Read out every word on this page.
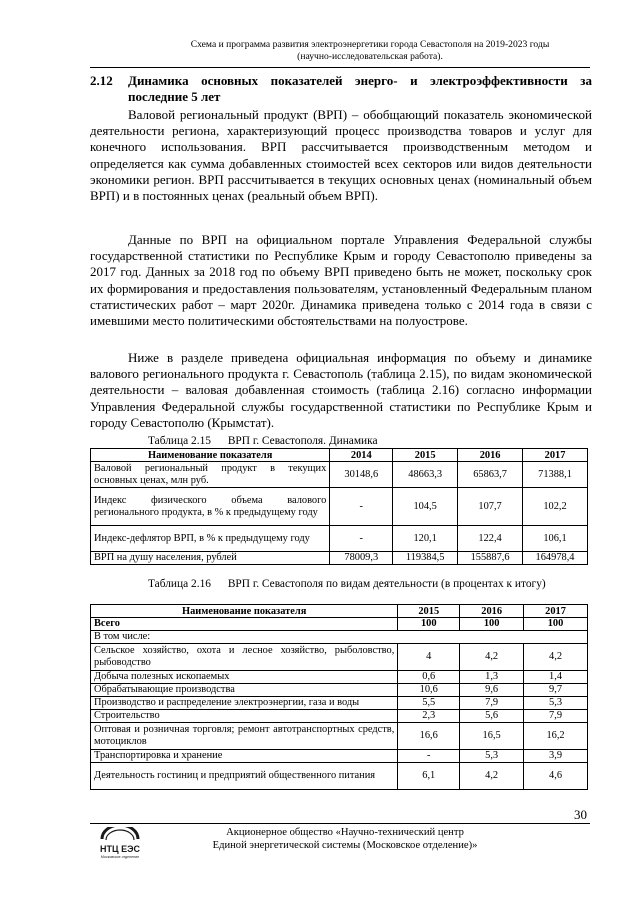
Схема и программа развития электроэнергетики города Севастополя на 2019-2023 годы
(научно-исследовательская работа).
2.12 Динамика основных показателей энерго- и электроэффективности за последние 5 лет

Валовой региональный продукт (ВРП) – обобщающий показатель экономической деятельности региона, характеризующий процесс производства товаров и услуг для конечного использования. ВРП рассчитывается производственным методом и определяется как сумма добавленных стоимостей всех секторов или видов деятельности экономики регион. ВРП рассчитывается в текущих основных ценах (номинальный объем ВРП) и в постоянных ценах (реальный объем ВРП).

Данные по ВРП на официальном портале Управления Федеральной службы государственной статистики по Республике Крым и городу Севастополю приведены за 2017 год. Данных за 2018 год по объему ВРП приведено быть не может, поскольку срок их формирования и предоставления пользователям, установленный Федеральным планом статистических работ – март 2020г. Динамика приведена только с 2014 года в связи с имевшими место политическими обстоятельствами на полуострове.

Ниже в разделе приведена официальная информация по объему и динамике валового регионального продукта г. Севастополь (таблица 2.15), по видам экономической деятельности – валовая добавленная стоимость (таблица 2.16) согласно информации Управления Федеральной службы государственной статистики по Республике Крым и городу Севастополю (Крымстат).

Таблица 2.15 ВРП г. Севастополя. Динамика
Наименование показателя	2014	2015	2016	2017
Валовой региональный продукт в текущих основных ценах, млн руб.	30148,6	48663,3	65863,7	71388,1
Индекс физического объема валового регионального продукта, в % к предыдущему году	-	104,5	107,7	102,2
Индекс-дефлятор ВРП, в % к предыдущему году	-	120,1	122,4	106,1
ВРП на душу населения, рублей	78009,3	119384,5	155887,6	164978,4
Таблица 2.16 ВРП г. Севастополя по видам деятельности (в процентах к итогу)
Наименование показателя	2015	2016	2017
Всего	100	100	100
В том числе:			
Сельское хозяйство, охота и лесное хозяйство, рыболовство, рыбоводство	4	4,2	4,2
Добыча полезных ископаемых	0,6	1,3	1,4
Обрабатывающие производства	10,6	9,6	9,7
Производство и распределение электроэнергии, газа и воды	5,5	7,9	5,3
Строительство	2,3	5,6	7,9
Оптовая и розничная торговля; ремонт автотранспортных средств, мотоциклов	16,6	16,5	16,2
Транспортировка и хранение	-	5,3	3,9
Деятельность гостиниц и предприятий общественного питания	6,1	4,2	4,6
30
НТЦ ЕЭС
Московское отделение
Акционерное общество «Научно-технический центр
Единой энергетической системы (Московское отделение)»
